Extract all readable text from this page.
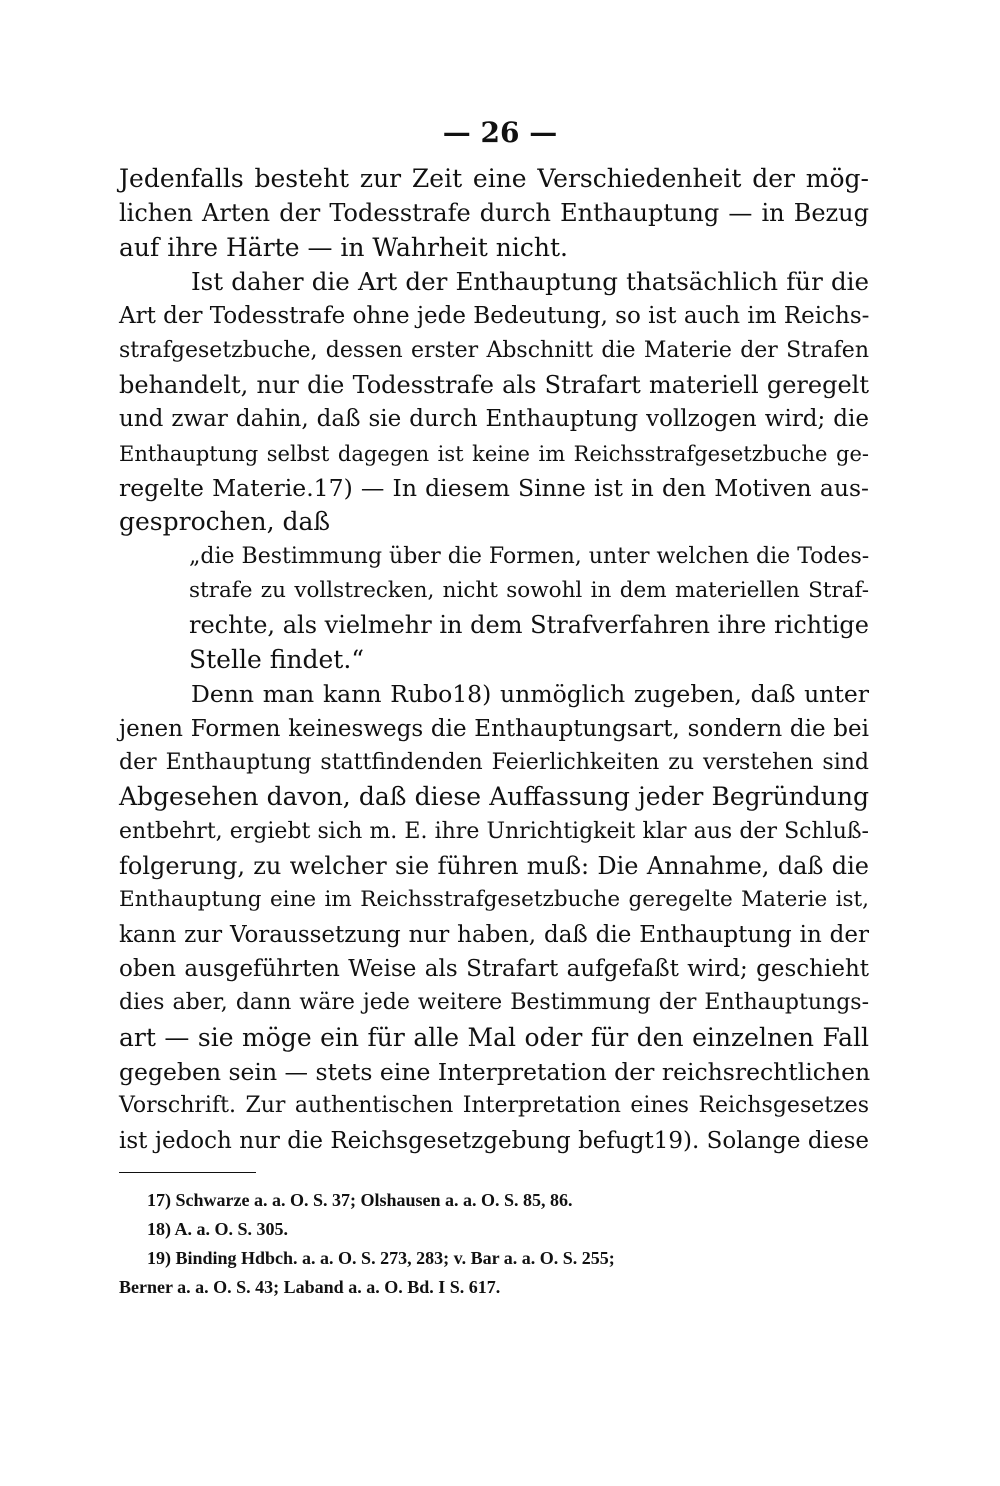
— 26 —
Jedenfalls besteht zur Zeit eine Verschiedenheit der mög-
lichen Arten der Todesstrafe durch Enthauptung — in Bezug
auf ihre Härte — in Wahrheit nicht.
Ist daher die Art der Enthauptung thatsächlich für die
Art der Todesstrafe ohne jede Bedeutung, so ist auch im Reichs-
strafgesetzbuche, dessen erster Abschnitt die Materie der Strafen
behandelt, nur die Todesstrafe als Strafart materiell geregelt
und zwar dahin, daß sie durch Enthauptung vollzogen wird; die
Enthauptung selbst dagegen ist keine im Reichsstrafgesetzbuche ge-
regelte Materie.17) — In diesem Sinne ist in den Motiven aus-
gesprochen, daß
„die Bestimmung über die Formen, unter welchen die Todes-
strafe zu vollstrecken, nicht sowohl in dem materiellen Straf-
rechte, als vielmehr in dem Strafverfahren ihre richtige
Stelle findet.“
Denn man kann Rubo18) unmöglich zugeben, daß unter
jenen Formen keineswegs die Enthauptungsart, sondern die bei
der Enthauptung stattfindenden Feierlichkeiten zu verstehen sind
Abgesehen davon, daß diese Auffassung jeder Begründung
entbehrt, ergiebt sich m. E. ihre Unrichtigkeit klar aus der Schluß-
folgerung, zu welcher sie führen muß: Die Annahme, daß die
Enthauptung eine im Reichsstrafgesetzbuche geregelte Materie ist,
kann zur Voraussetzung nur haben, daß die Enthauptung in der
oben ausgeführten Weise als Strafart aufgefaßt wird; geschieht
dies aber, dann wäre jede weitere Bestimmung der Enthauptungs-
art — sie möge ein für alle Mal oder für den einzelnen Fall
gegeben sein — stets eine Interpretation der reichsrechtlichen
Vorschrift. Zur authentischen Interpretation eines Reichsgesetzes
ist jedoch nur die Reichsgesetzgebung befugt19). Solange diese
17) Schwarze a. a. O. S. 37; Olshausen a. a. O. S. 85, 86.
18) A. a. O. S. 305.
19) Binding Hdbch. a. a. O. S. 273, 283; v. Bar a. a. O. S. 255;
Berner a. a. O. S. 43; Laband a. a. O. Bd. I S. 617.
